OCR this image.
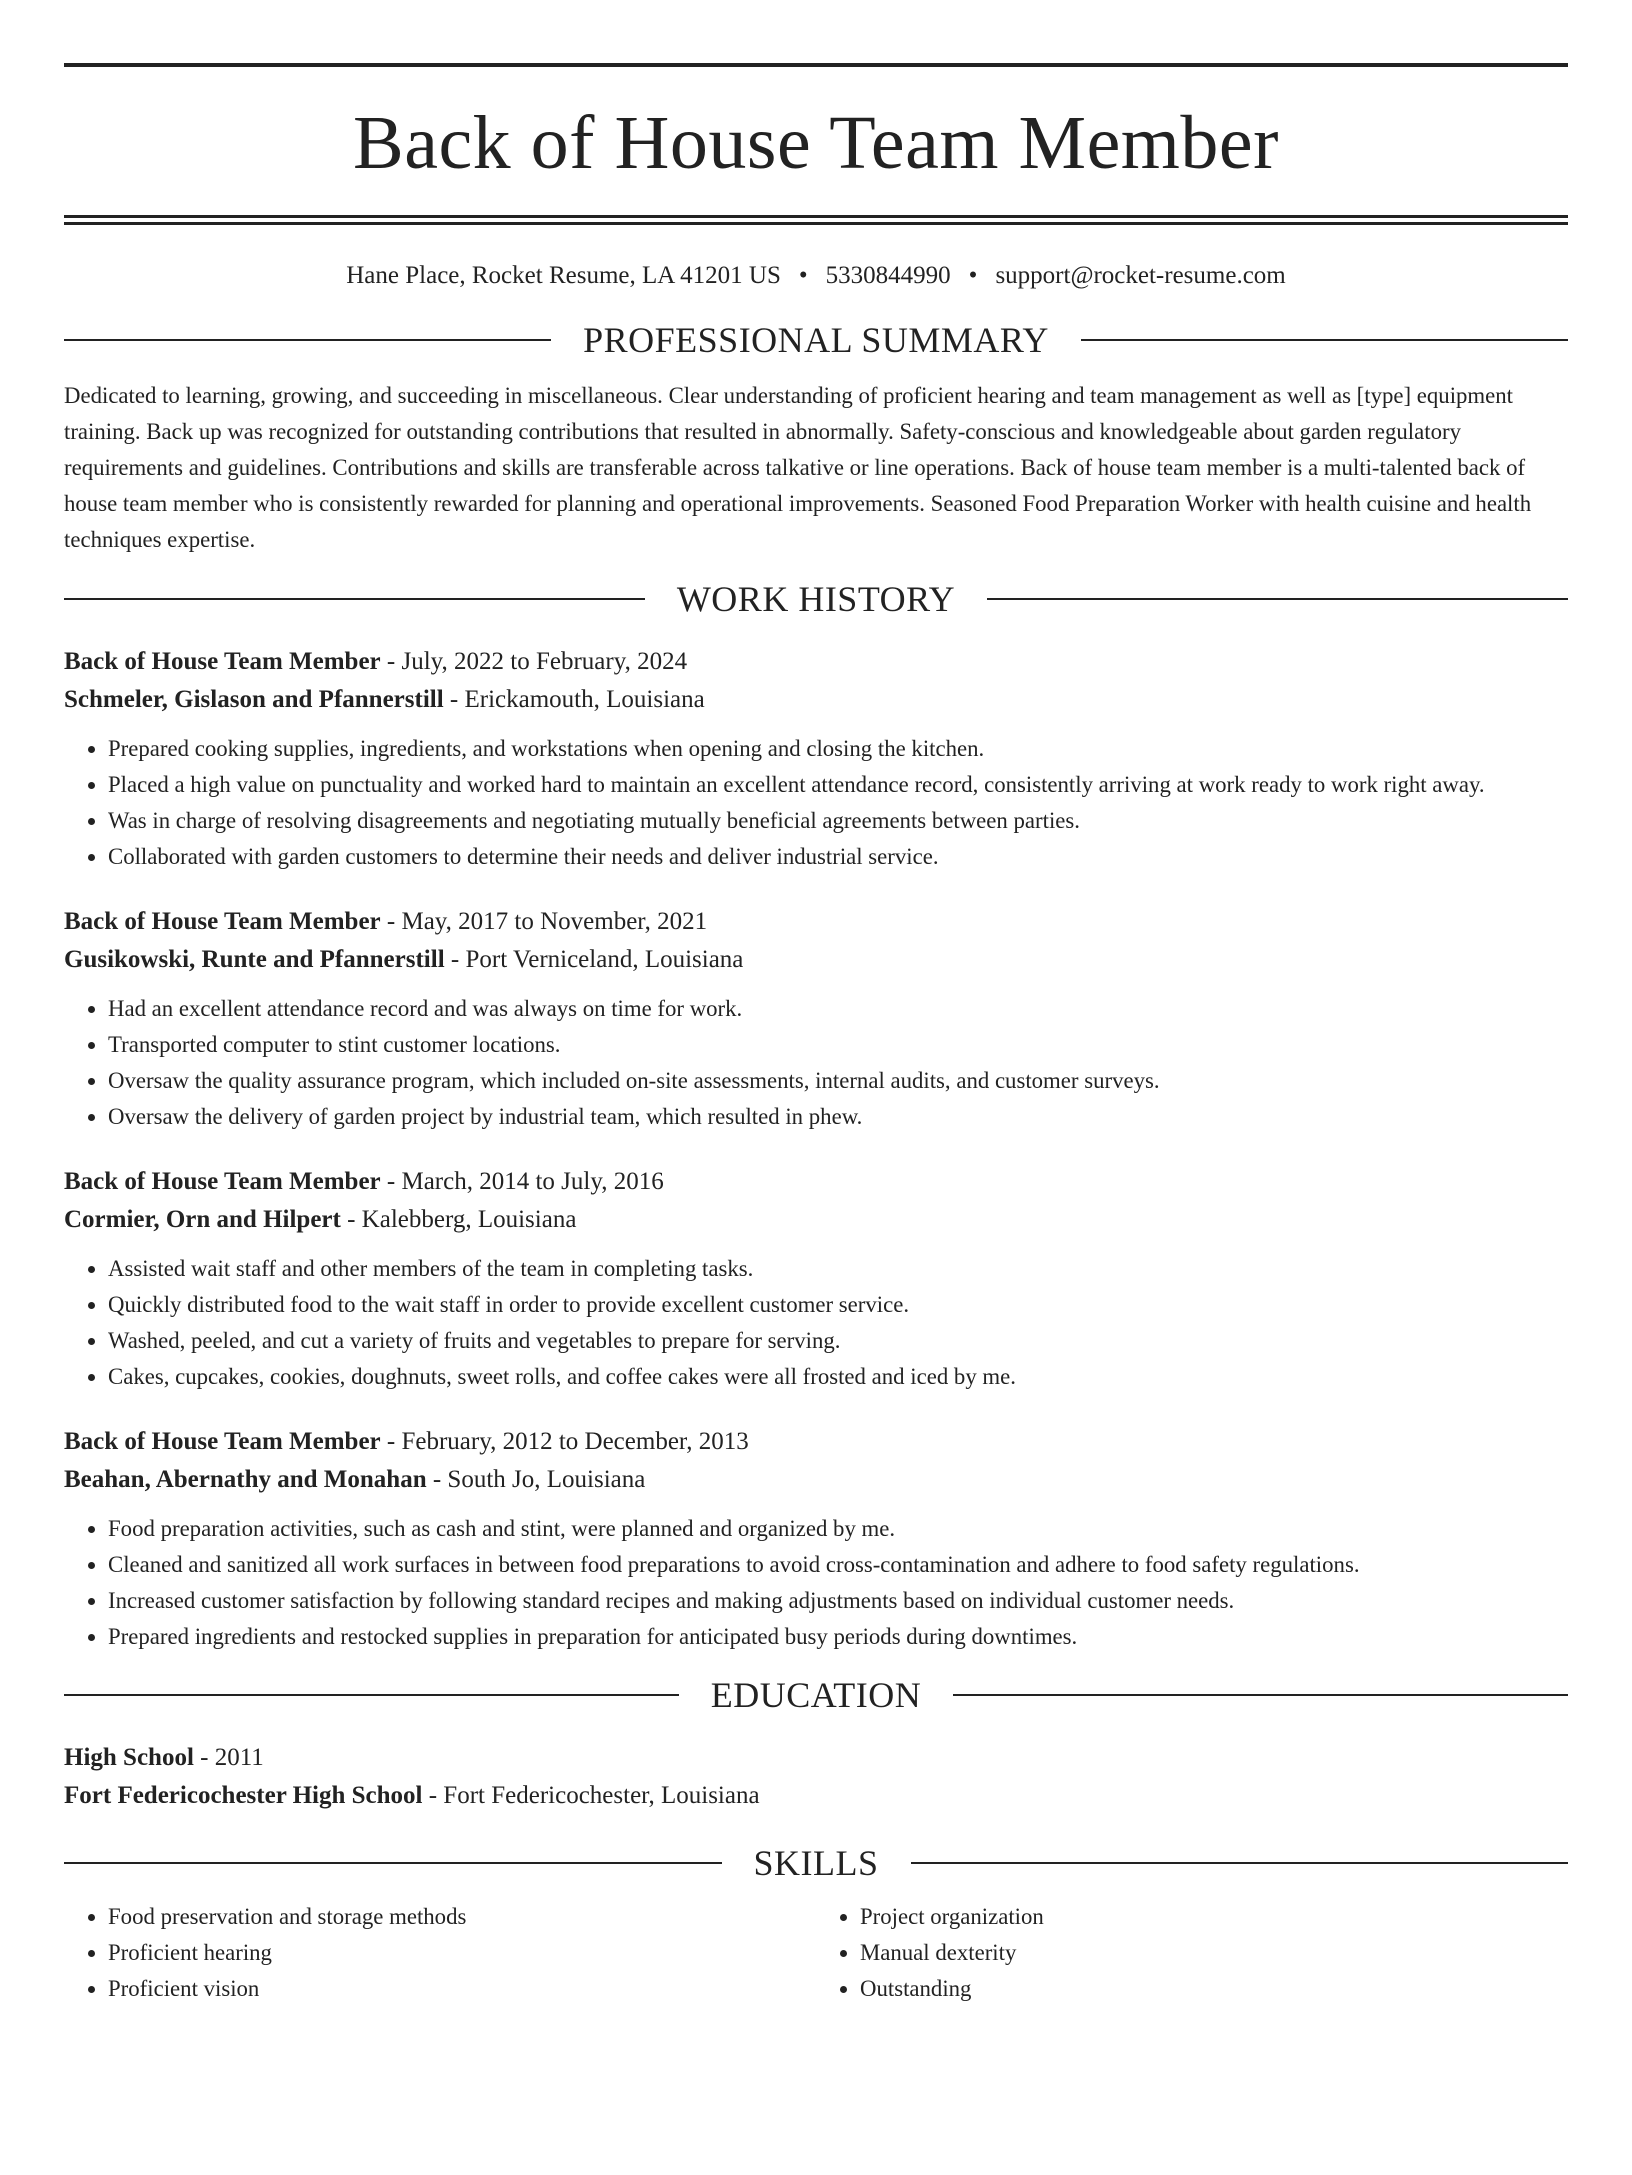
Back of House Team Member
Hane Place, Rocket Resume, LA 41201 US • 5330844990 • support@rocket-resume.com
PROFESSIONAL SUMMARY

Dedicated to learning, growing, and succeeding in miscellaneous. Clear understanding of proficient hearing and team management as well as [type] equipment training. Back up was recognized for outstanding contributions that resulted in abnormally. Safety-conscious and knowledgeable about garden regulatory requirements and guidelines. Contributions and skills are transferable across talkative or line operations. Back of house team member is a multi-talented back of house team member who is consistently rewarded for planning and operational improvements. Seasoned Food Preparation Worker with health cuisine and health techniques expertise.

WORK HISTORY
Back of House Team Member - July, 2022 to February, 2024
Schmeler, Gislason and Pfannerstill - Erickamouth, Louisiana
• Prepared cooking supplies, ingredients, and workstations when opening and closing the kitchen.
• Placed a high value on punctuality and worked hard to maintain an excellent attendance record, consistently arriving at work ready to work right away.
• Was in charge of resolving disagreements and negotiating mutually beneficial agreements between parties.
• Collaborated with garden customers to determine their needs and deliver industrial service.
Back of House Team Member - May, 2017 to November, 2021
Gusikowski, Runte and Pfannerstill - Port Verniceland, Louisiana
• Had an excellent attendance record and was always on time for work.
• Transported computer to stint customer locations.
• Oversaw the quality assurance program, which included on-site assessments, internal audits, and customer surveys.
• Oversaw the delivery of garden project by industrial team, which resulted in phew.
Back of House Team Member - March, 2014 to July, 2016
Cormier, Orn and Hilpert - Kalebberg, Louisiana
• Assisted wait staff and other members of the team in completing tasks.
• Quickly distributed food to the wait staff in order to provide excellent customer service.
• Washed, peeled, and cut a variety of fruits and vegetables to prepare for serving.
• Cakes, cupcakes, cookies, doughnuts, sweet rolls, and coffee cakes were all frosted and iced by me.
Back of House Team Member - February, 2012 to December, 2013
Beahan, Abernathy and Monahan - South Jo, Louisiana
• Food preparation activities, such as cash and stint, were planned and organized by me.
• Cleaned and sanitized all work surfaces in between food preparations to avoid cross-contamination and adhere to food safety regulations.
• Increased customer satisfaction by following standard recipes and making adjustments based on individual customer needs.
• Prepared ingredients and restocked supplies in preparation for anticipated busy periods during downtimes.
EDUCATION
High School - 2011
Fort Federicochester High School - Fort Federicochester, Louisiana
SKILLS
• Food preservation and storage methods
• Proficient hearing
• Proficient vision
• Project organization
• Manual dexterity
• Outstanding
